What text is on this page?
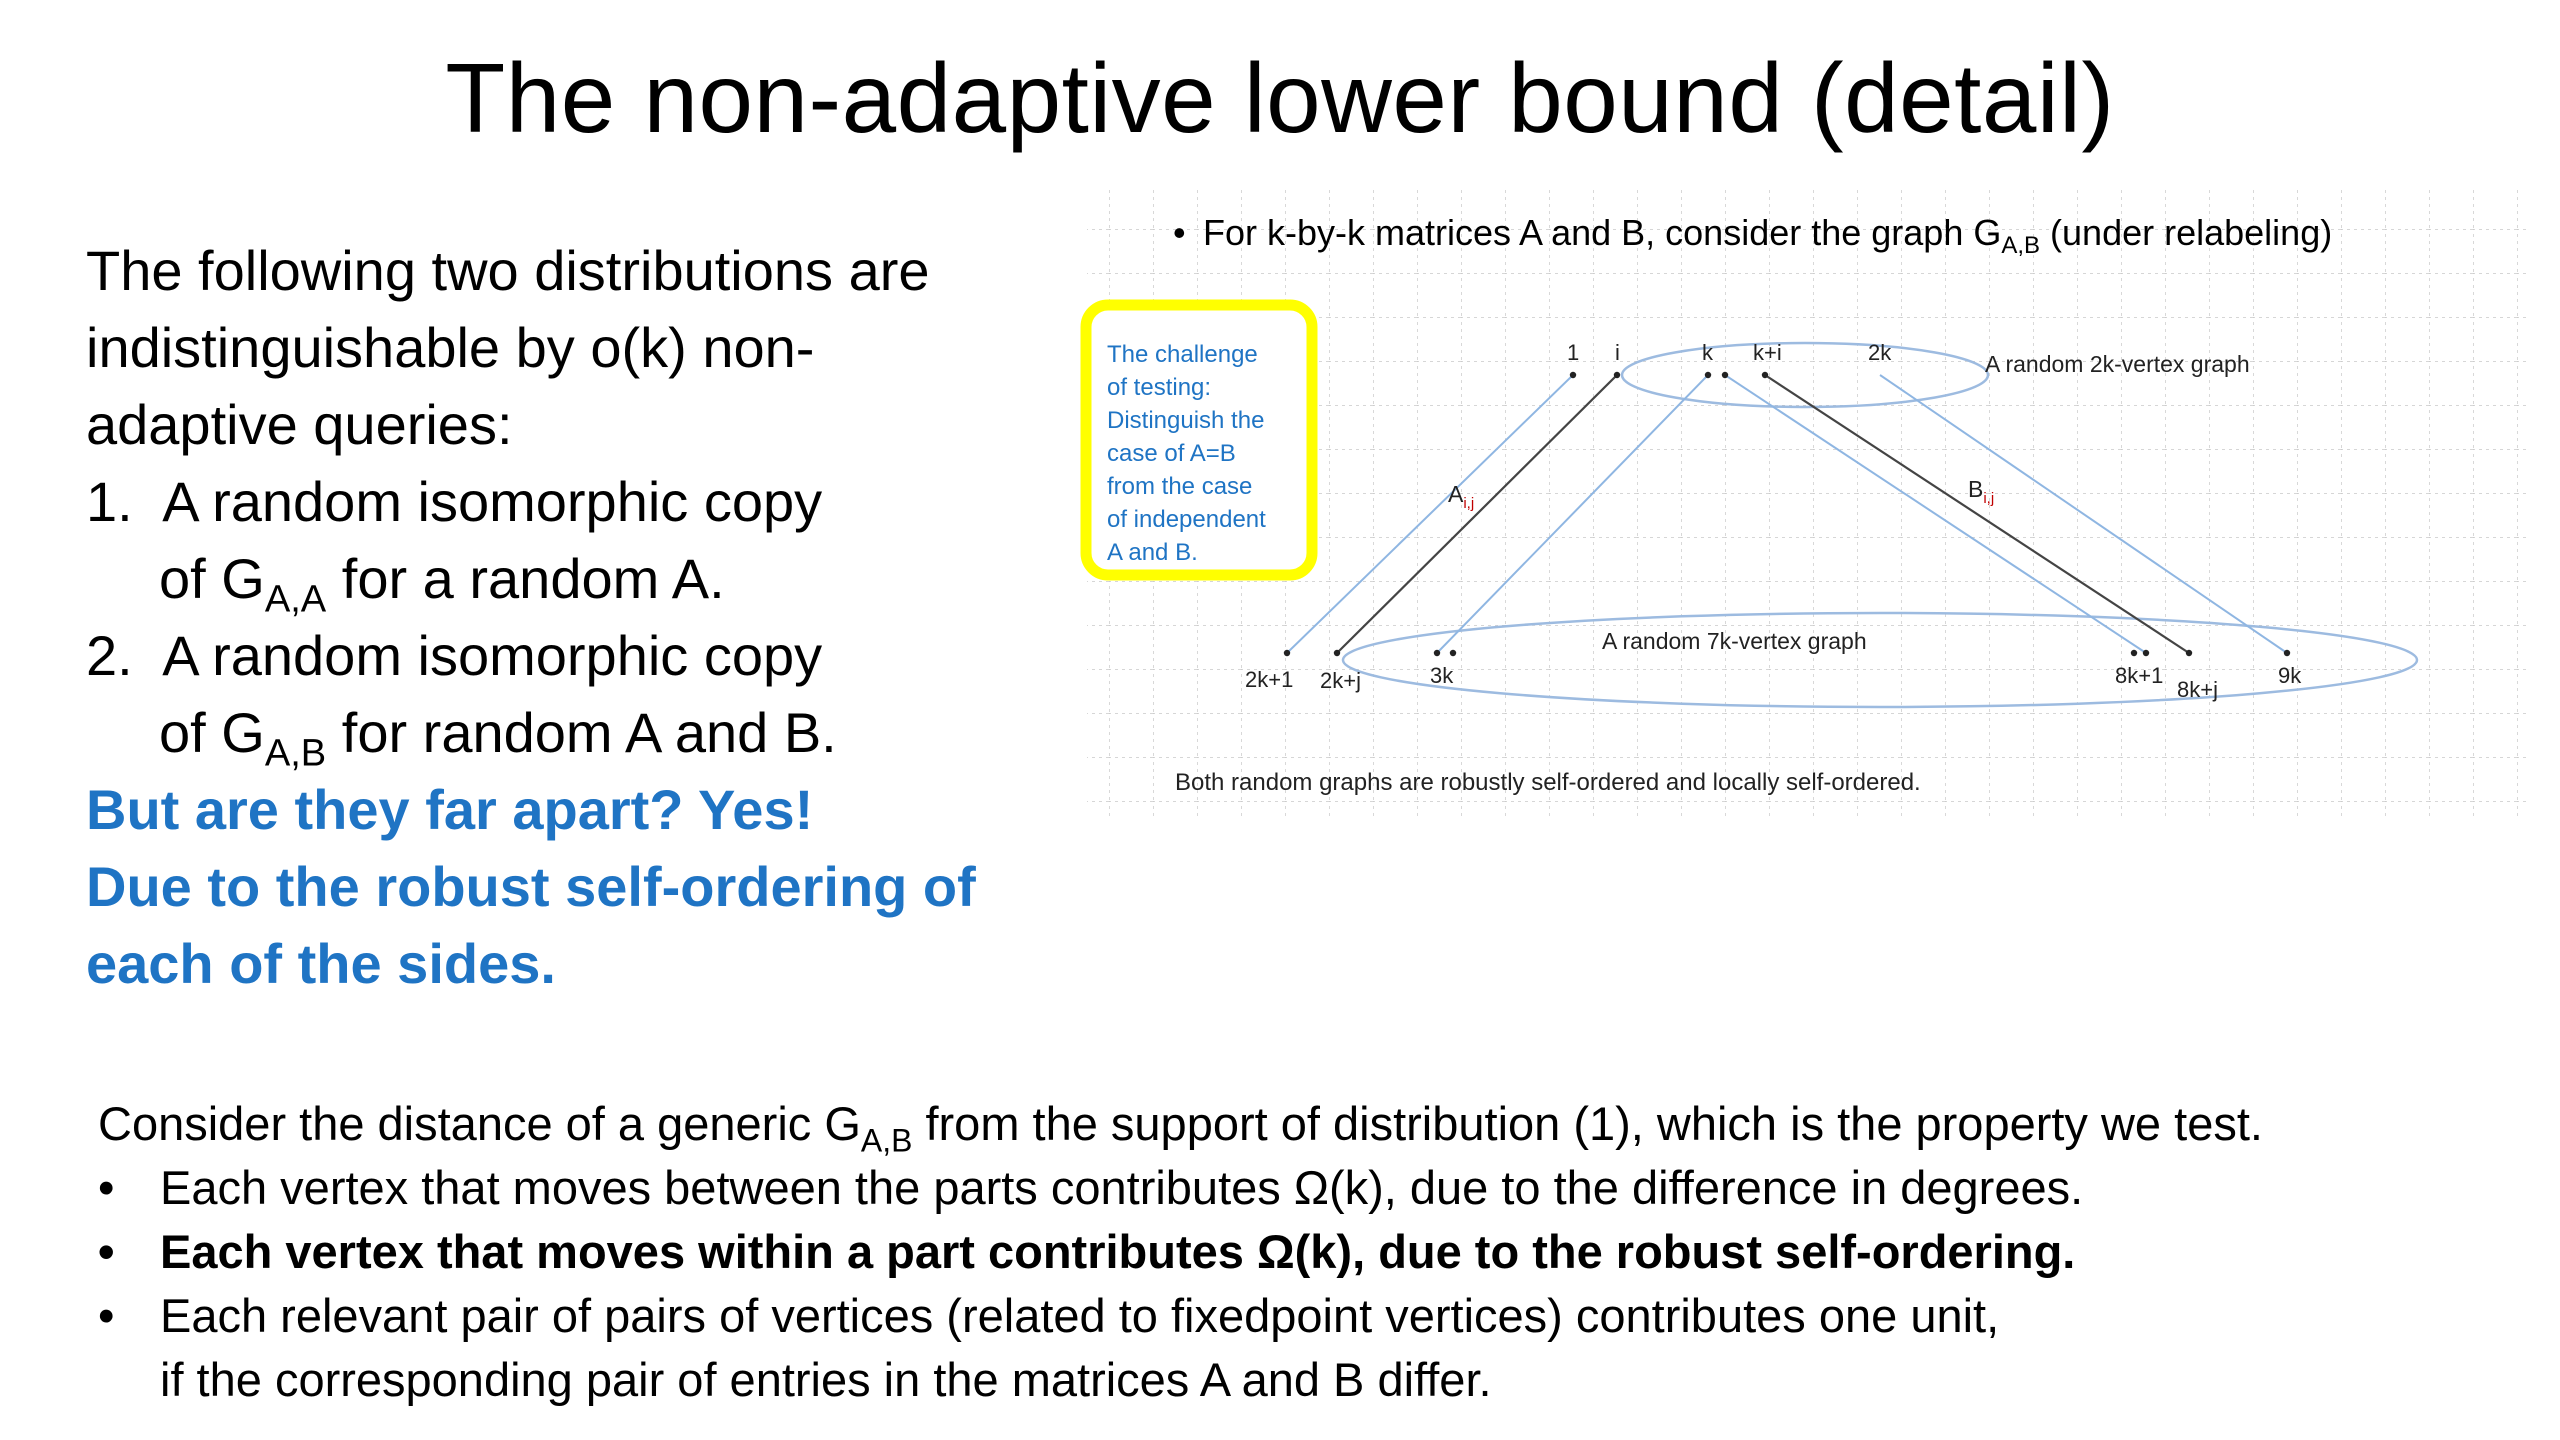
The non-adaptive lower bound (detail)
The following two distributions are
indistinguishable by o(k) non-
adaptive queries:
1. A random isomorphic copy
of $G_{A,A}$ for a random A.
2. A random isomorphic copy
of $G_{A,B}$ for random A and B.
But are they far apart? Yes!
Due to the robust self-ordering of
each of the sides.
• For k-by-k matrices A and B, consider the graph $G_{A,B}$ (under relabeling)
The challenge
of testing:
Distinguish the
case of A=B
from the case
of independent
A and B.
1 i	k k+i	2k	A random 2k-vertex graph
$A_{i,j}$
$B_{i,j}$
A random 7k-vertex graph
2k+1 2k+j	3k	8k+1
8k+j
9k
Both random graphs are robustly self-ordered and locally self-ordered.
Consider the distance of a generic $G_{A,B}$ from the support of distribution (1), which is the property we test.
• Each vertex that moves between the parts contributes Ω(k), due to the difference in degrees.
• Each vertex that moves within a part contributes Ω(k), due to the robust self-ordering.
• Each relevant pair of pairs of vertices (related to fixedpoint vertices) contributes one unit,
if the corresponding pair of entries in the matrices A and B differ.
